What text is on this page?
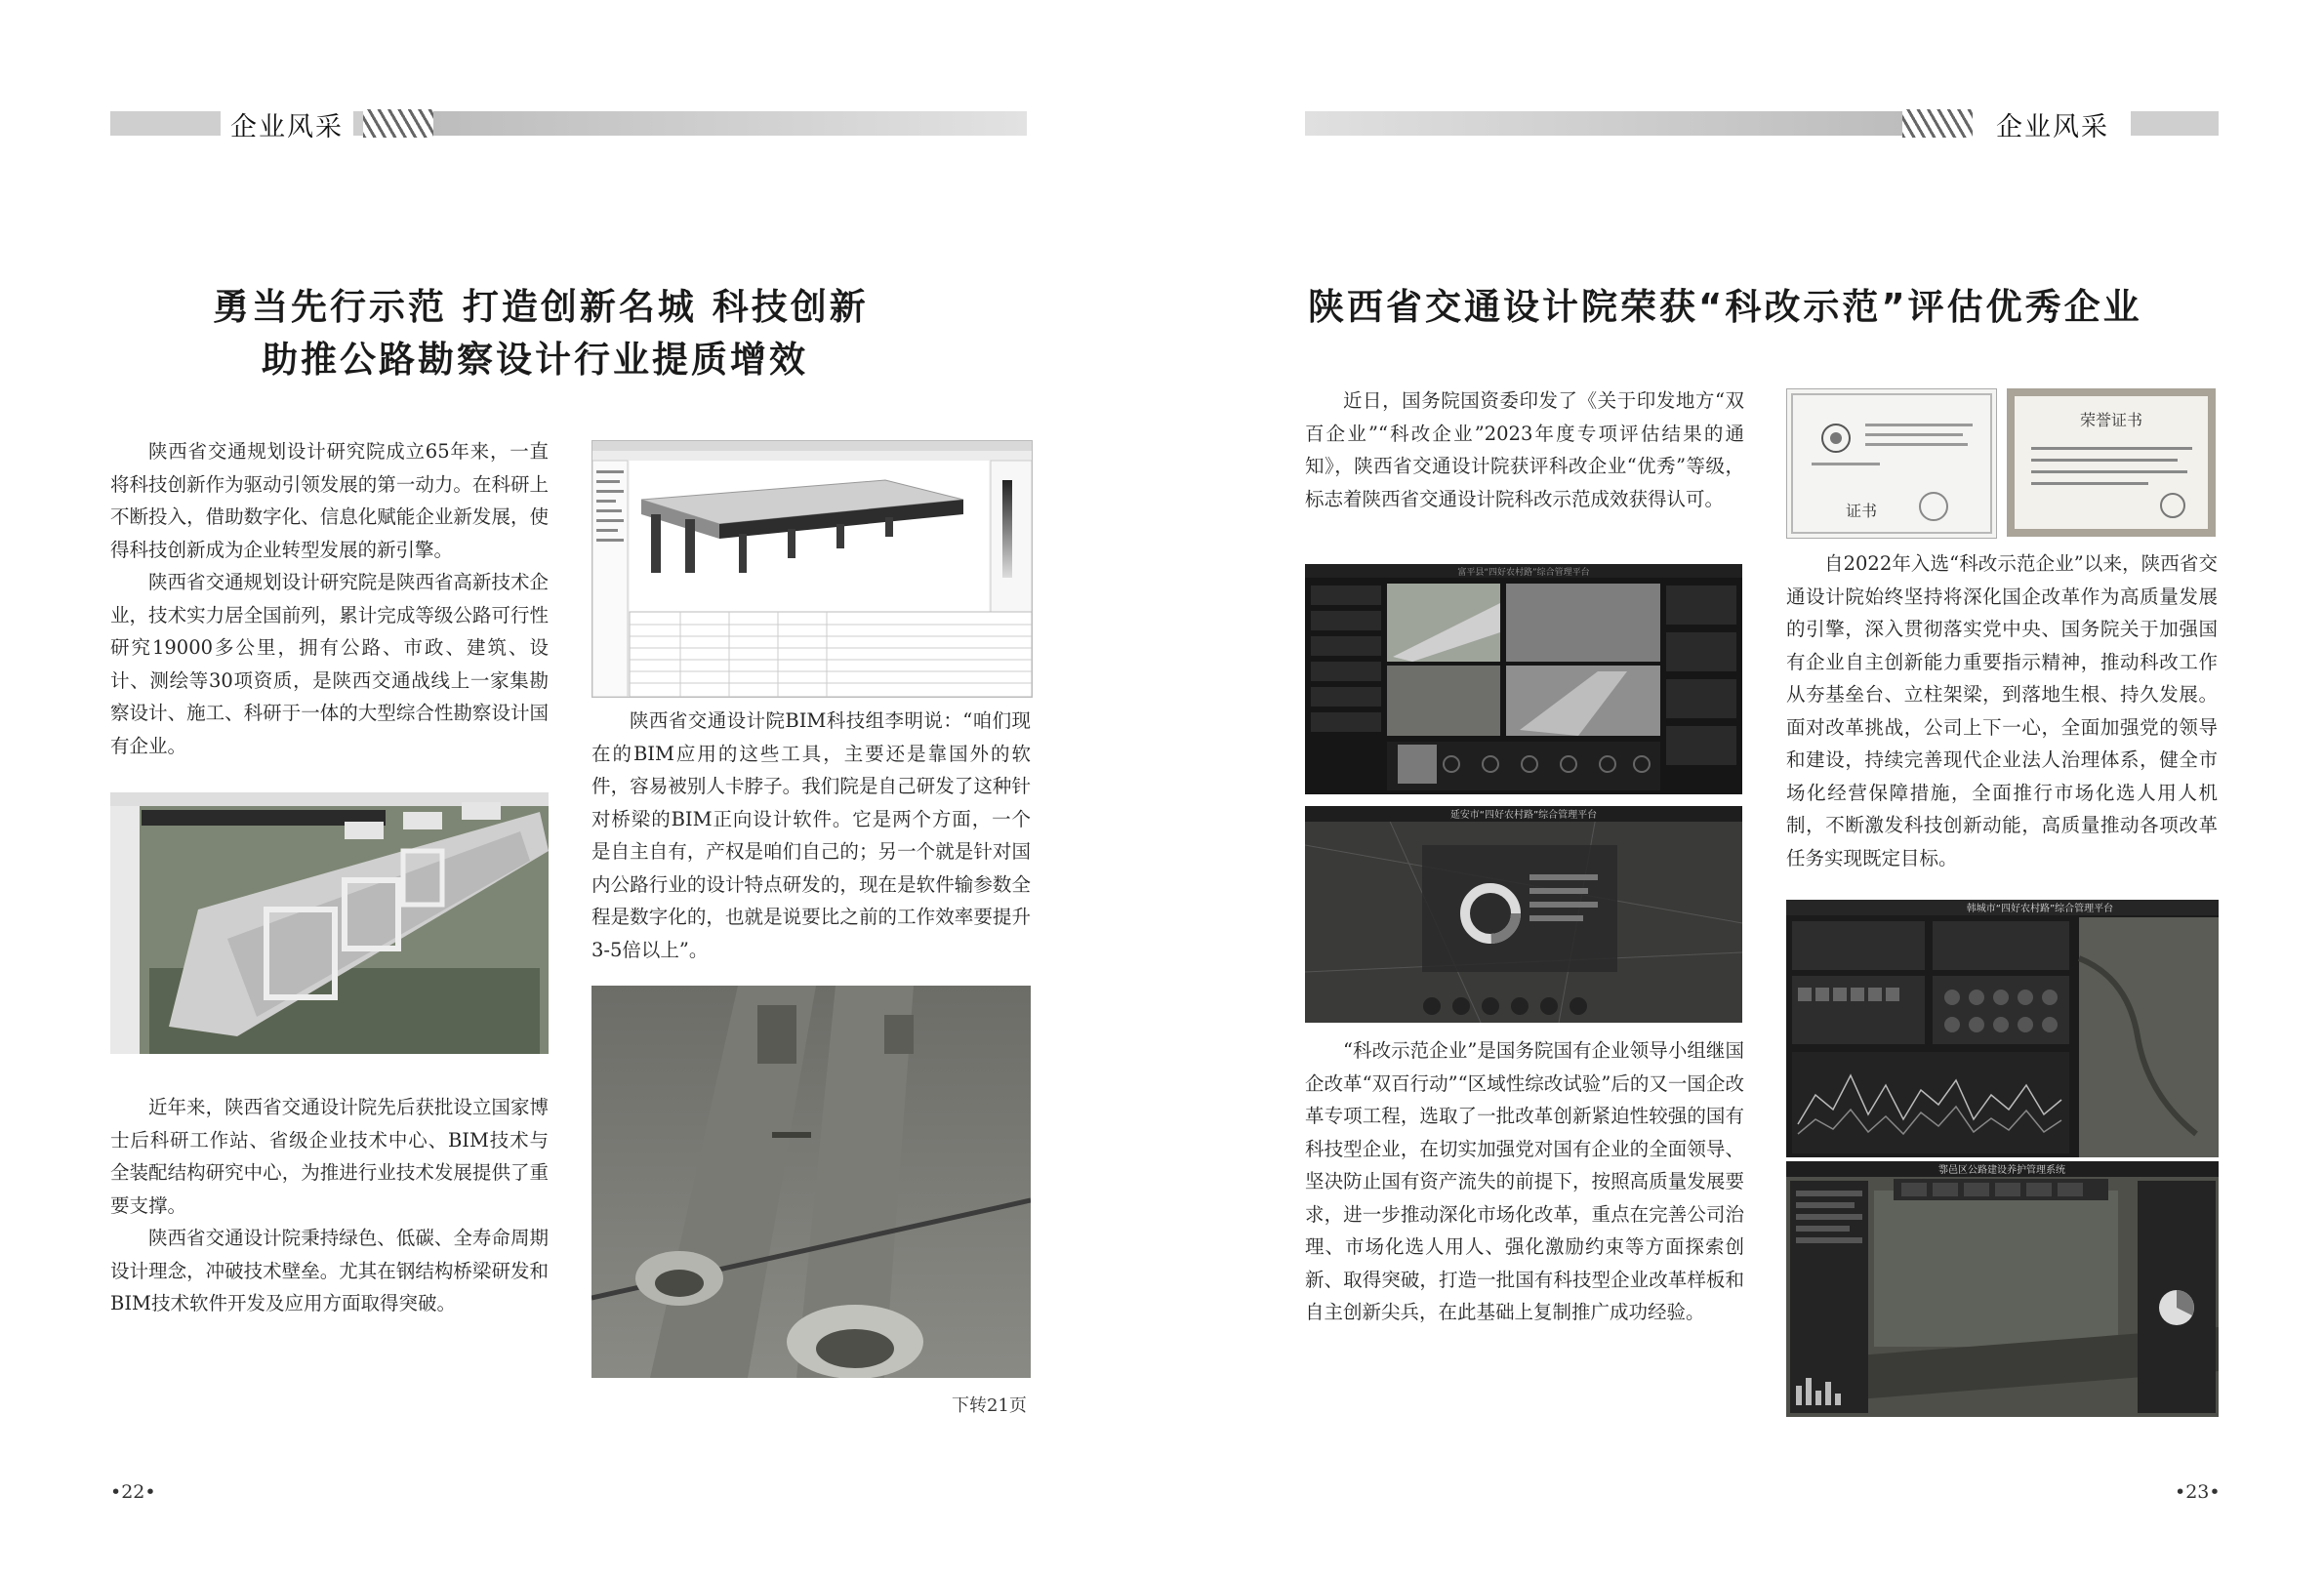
企业风采
勇当先行示范 打造创新名城 科技创新
助推公路勘察设计行业提质增效

陕西省交通规划设计研究院成立65年来，一直将科技创新作为驱动引领发展的第一动力。在科研上不断投入，借助数字化、信息化赋能企业新发展，使得科技创新成为企业转型发展的新引擎。

陕西省交通规划设计研究院是陕西省高新技术企业，技术实力居全国前列，累计完成等级公路可行性研究19000多公里，拥有公路、市政、建筑、设计、测绘等30项资质，是陕西交通战线上一家集勘察设计、施工、科研于一体的大型综合性勘察设计国有企业。

近年来，陕西省交通设计院先后获批设立国家博士后科研工作站、省级企业技术中心、BIM技术与全装配结构研究中心，为推进行业技术发展提供了重要支撑。

陕西省交通设计院秉持绿色、低碳、全寿命周期设计理念，冲破技术壁垒。尤其在钢结构桥梁研发和BIM技术软件开发及应用方面取得突破。

陕西省交通设计院BIM科技组李明说：“咱们现在的BIM应用的这些工具，主要还是靠国外的软件，容易被别人卡脖子。我们院是自己研发了这种针对桥梁的BIM正向设计软件。它是两个方面，一个是自主自有，产权是咱们自己的；另一个就是针对国内公路行业的设计特点研发的，现在是软件输参数全程是数字化的，也就是说要比之前的工作效率要提升3-5倍以上”。

下转21页
•22•
企业风采
陕西省交通设计院荣获“科改示范”评估优秀企业

近日，国务院国资委印发了《关于印发地方“双百企业”“科改企业”2023年度专项评估结果的通知》，陕西省交通设计院获评科改企业“优秀”等级，标志着陕西省交通设计院科改示范成效获得认可。

富平县“四好农村路”综合管理平台
延安市“四好农村路”综合管理平台

“科改示范企业”是国务院国有企业领导小组继国企改革“双百行动”“区域性综改试验”后的又一国企改革专项工程，选取了一批改革创新紧迫性较强的国有科技型企业，在切实加强党对国有企业的全面领导、坚决防止国有资产流失的前提下，按照高质量发展要求，进一步推动深化市场化改革，重点在完善公司治理、市场化选人用人、强化激励约束等方面探索创新、取得突破，打造一批国有科技型企业改革样板和自主创新尖兵，在此基础上复制推广成功经验。

证书
荣誉证书

自2022年入选“科改示范企业”以来，陕西省交通设计院始终坚持将深化国企改革作为高质量发展的引擎，深入贯彻落实党中央、国务院关于加强国有企业自主创新能力重要指示精神，推动科改工作从夯基垒台、立柱架梁，到落地生根、持久发展。面对改革挑战，公司上下一心，全面加强党的领导和建设，持续完善现代企业法人治理体系，健全市场化经营保障措施，全面推行市场化选人用人机制，不断激发科技创新动能，高质量推动各项改革任务实现既定目标。

韩城市“四好农村路”综合管理平台
鄠邑区公路建设养护管理系统
•23•
